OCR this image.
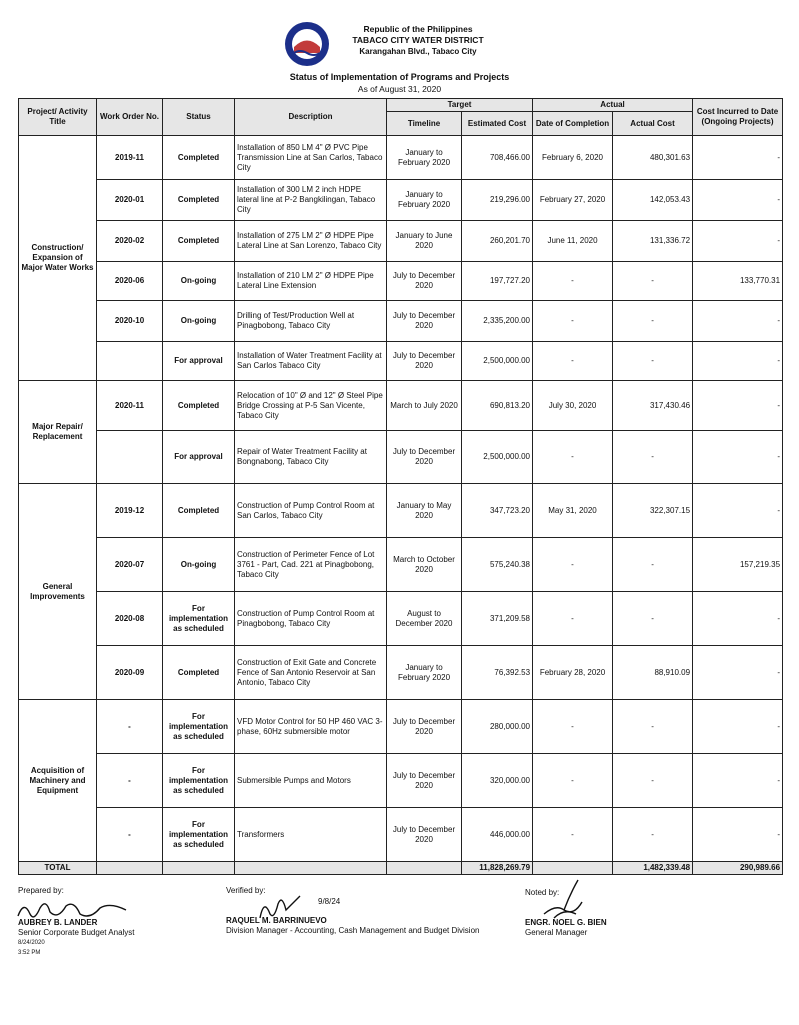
Republic of the Philippines
TABACO CITY WATER DISTRICT
Karangahan Blvd., Tabaco City
Status of Implementation of Programs and Projects
As of August 31, 2020
Project/ Activity Title	Work Order No.	Status	Description	Target		Actual		Cost Incurred to Date (Ongoing Projects)
				Timeline	Estimated Cost	Date of Completion	Actual Cost	
Construction/ Expansion of Major Water Works	2019-11	Completed	Installation of 850 LM 4" Ø PVC Pipe Transmission Line at San Carlos, Tabaco City	January to February 2020	708,466.00	February 6, 2020	480,301.63	-
	2020-01	Completed	Installation of 300 LM 2 inch HDPE lateral line at P-2 Bangkilingan, Tabaco City	January to February 2020	219,296.00	February 27, 2020	142,053.43	-
	2020-02	Completed	Installation of 275 LM 2" Ø HDPE Pipe Lateral Line at San Lorenzo, Tabaco City	January to June 2020	260,201.70	June 11, 2020	131,336.72	-
	2020-06	On-going	Installation of 210 LM 2" Ø HDPE Pipe Lateral Line Extension	July to December 2020	197,727.20	-	-	133,770.31
	2020-10	On-going	Drilling of Test/Production Well at Pinagbobong, Tabaco City	July to December 2020	2,335,200.00	-	-	-
		For approval	Installation of Water Treatment Facility at San Carlos Tabaco City	July to December 2020	2,500,000.00	-	-	-
Major Repair/ Replacement	2020-11	Completed	Relocation of 10" Ø and 12" Ø Steel Pipe Bridge Crossing at P-5 San Vicente, Tabaco City	March to July 2020	690,813.20	July 30, 2020	317,430.46	-
		For approval	Repair of Water Treatment Facility at Bongnabong, Tabaco City	July to December 2020	2,500,000.00	-	-	-
General Improvements	2019-12	Completed	Construction of Pump Control Room at San Carlos, Tabaco City	January to May 2020	347,723.20	May 31, 2020	322,307.15	-
	2020-07	On-going	Construction of Perimeter Fence of Lot 3761 - Part, Cad. 221 at Pinagbobong, Tabaco City	March to October 2020	575,240.38	-	-	157,219.35
	2020-08	For implementation as scheduled	Construction of Pump Control Room at Pinagbobong, Tabaco City	August to December 2020	371,209.58	-	-	-
	2020-09	Completed	Construction of Exit Gate and Concrete Fence of San Antonio Reservoir at San Antonio, Tabaco City	January to February 2020	76,392.53	February 28, 2020	88,910.09	-
Acquisition of Machinery and Equipment	-	For implementation as scheduled	VFD Motor Control for 50 HP 460 VAC 3-phase, 60Hz submersible motor	July to December 2020	280,000.00	-	-	-
	-	For implementation as scheduled	Submersible Pumps and Motors	July to December 2020	320,000.00	-	-	-
	-	For implementation as scheduled	Transformers	July to December 2020	446,000.00	-	-	-
TOTAL					11,828,269.79		1,482,339.48	290,989.66
Prepared by:
AUBREY B. LANDER
Senior Corporate Budget Analyst
8/24/2020
3:52 PM
Verified by:
9/8/24
RAQUEL M. BARRINUEVO
Division Manager - Accounting, Cash Management and Budget Division
Noted by:
ENGR. NOEL G. BIEN
General Manager
